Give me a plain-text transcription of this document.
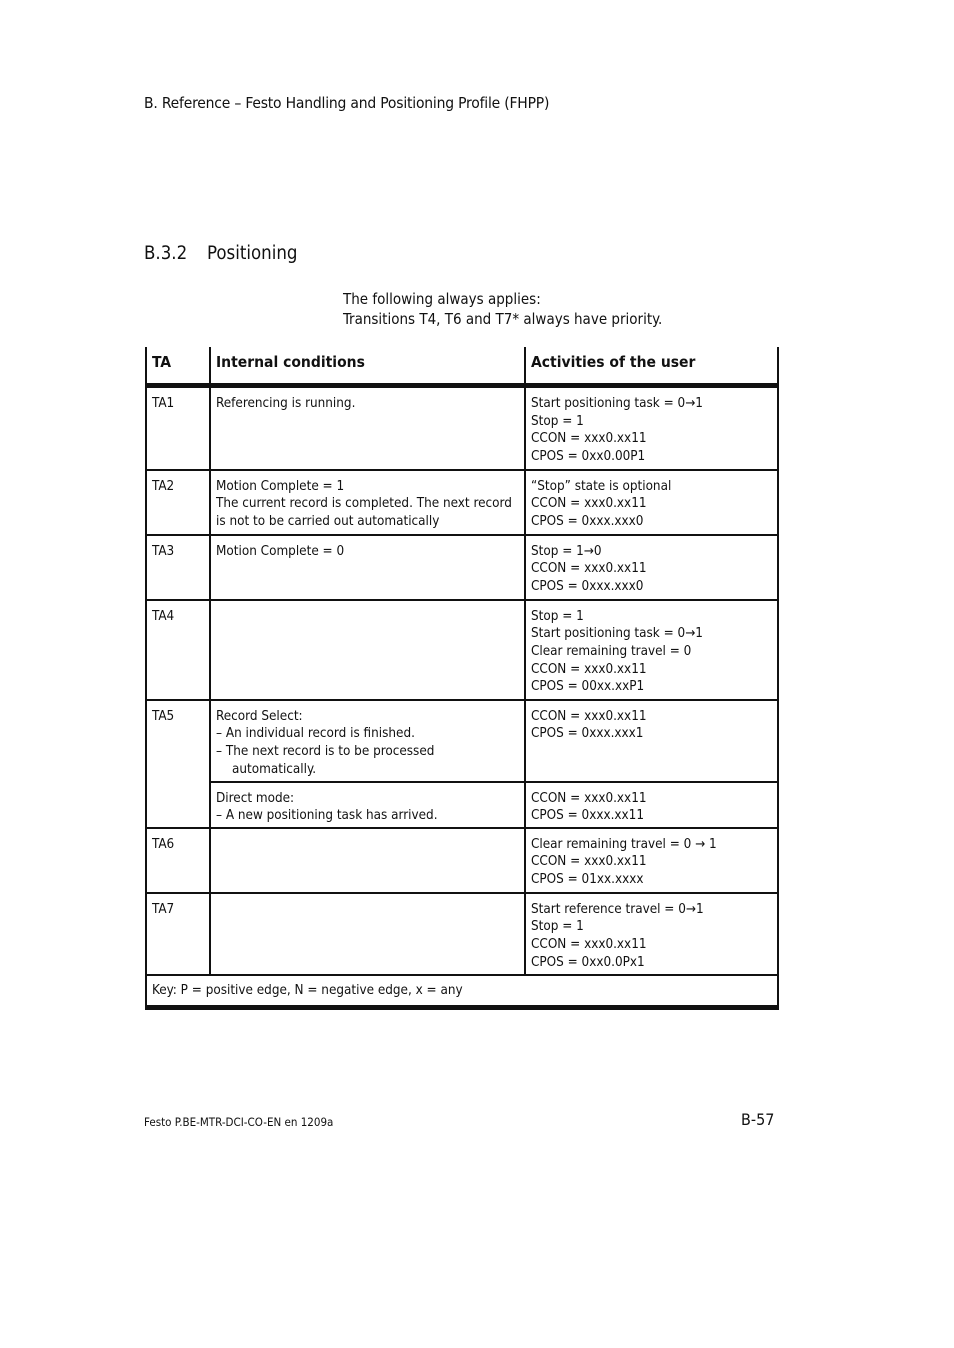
B. Reference – Festo Handling and Positioning Profile (FHPP)
B.3.2 Positioning
The following always applies:
Transitions T4, T6 and T7* always have priority.
TA	Internal conditions	Activities of the user
TA1	Referencing is running.	Start positioning task = 0→1
Stop = 1
CCON = xxx0.xx11
CPOS = 0xx0.00P1

TA2	Motion Complete = 1
The current record is completed. The next record
is not to be carried out automatically	“Stop” state is optional
CCON = xxx0.xx11
CPOS = 0xxx.xxx0

TA3	Motion Complete = 0	Stop = 1→0
CCON = xxx0.xx11
CPOS = 0xxx.xxx0

TA4		Stop = 1
Start positioning task = 0→1
Clear remaining travel = 0
CCON = xxx0.xx11
CPOS = 00xx.xxP1

TA5	Record Select:
– An individual record is finished.
– The next record is to be processed automatically.	CCON = xxx0.xx11
CPOS = 0xxx.xxx1

	Direct mode:
– A new positioning task has arrived.	CCON = xxx0.xx11
CPOS = 0xxx.xx11

TA6		Clear remaining travel = 0 → 1
CCON = xxx0.xx11
CPOS = 01xx.xxxx

TA7		Start reference travel = 0→1
Stop = 1
CCON = xxx0.xx11
CPOS = 0xx0.0Px1

Key: P = positive edge, N = negative edge, x = any		
Festo P.BE-MTR-DCI-CO-EN en 1209a	B-57
